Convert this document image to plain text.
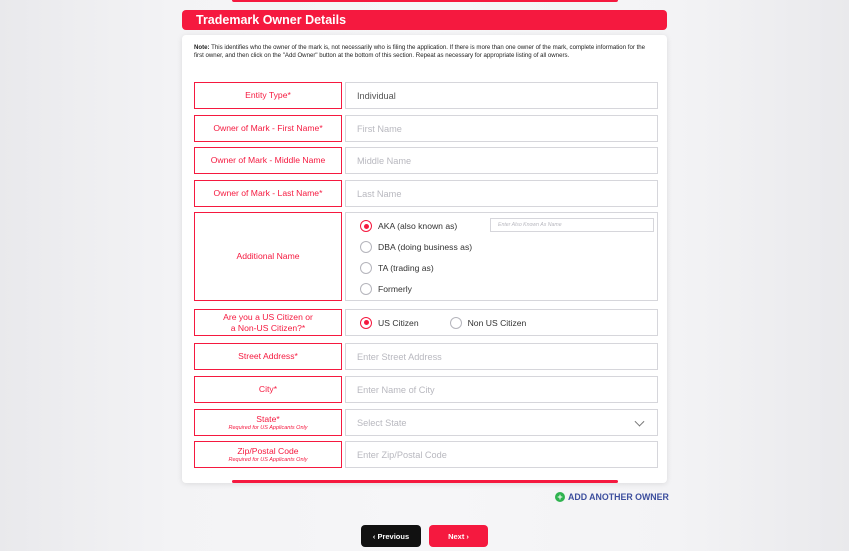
Trademark Owner Details

Note: This identifies who the owner of the mark is, not necessarily who is filing the application. If there is more than one owner of the mark, complete information for the first owner, and then click on the "Add Owner" button at the bottom of this section. Repeat as necessary for appropriate listing of all owners.

Entity Type*	Individual
Owner of Mark - First Name*	First Name
Owner of Mark - Middle Name	Middle Name
Owner of Mark - Last Name*	Last Name
Additional Name
AKA (also known as)	Enter Also Known As Name
DBA (doing business as)
TA (trading as)
Formerly
Are you a US Citizen or
a Non-US Citizen?*	US Citizen	Non US Citizen
Street Address*	Enter Street Address
City*	Enter Name of City
State*
Required for US Applicants Only	Select State
Zip/Postal Code
Required for US Applicants Only	Enter Zip/Postal Code
+ ADD ANOTHER OWNER
‹ Previous	Next ›
